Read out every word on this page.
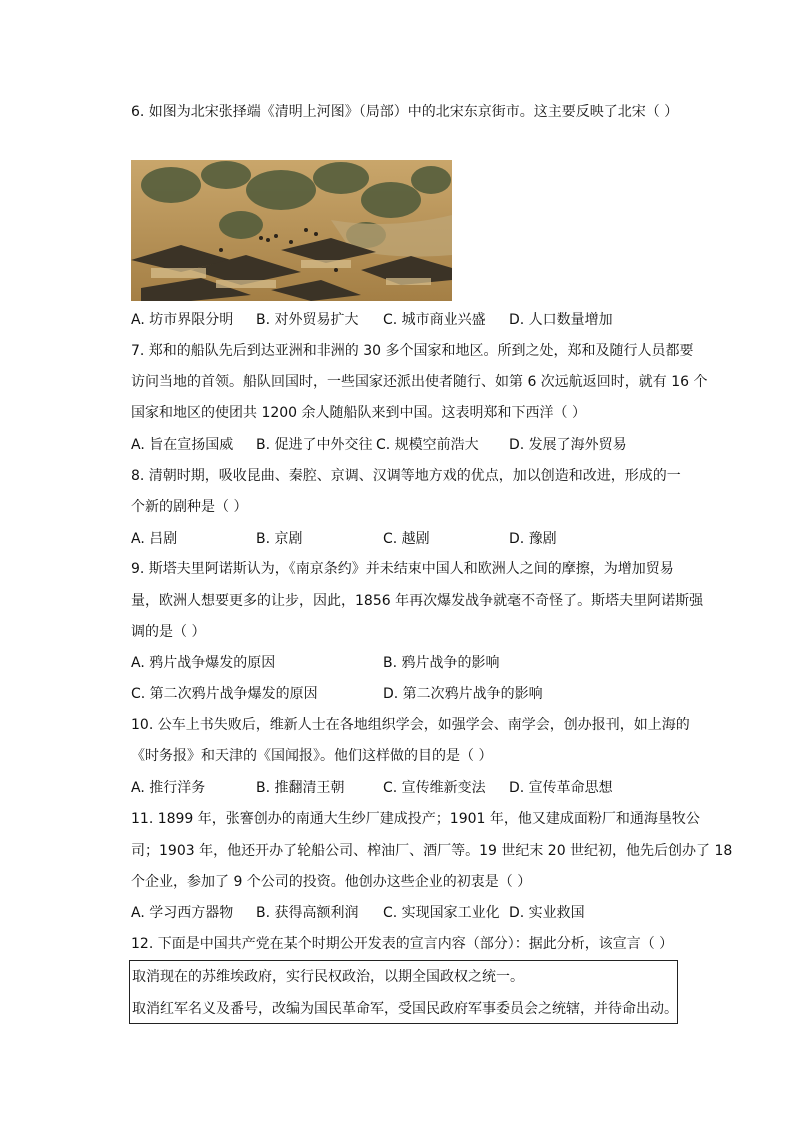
6. 如图为北宋张择端《清明上河图》（局部）中的北宋东京街市。这主要反映了北宋（ ）
A. 坊市界限分明 B. 对外贸易扩大 C. 城市商业兴盛 D. 人口数量增加
7. 郑和的船队先后到达亚洲和非洲的 30 多个国家和地区。所到之处，郑和及随行人员都要
访问当地的首领。船队回国时，一些国家还派出使者随行、如第 6 次远航返回时，就有 16 个
国家和地区的使团共 1200 余人随船队来到中国。这表明郑和下西洋（ ）
A. 旨在宣扬国威 B. 促进了中外交往 C. 规模空前浩大 D. 发展了海外贸易
8. 清朝时期，吸收昆曲、秦腔、京调、汉调等地方戏的优点，加以创造和改进，形成的一
个新的剧种是（ ）
A. 吕剧	B. 京剧	C. 越剧	D. 豫剧
9. 斯塔夫里阿诺斯认为，《南京条约》并未结束中国人和欧洲人之间的摩擦，为增加贸易
量，欧洲人想要更多的让步，因此，1856 年再次爆发战争就毫不奇怪了。斯塔夫里阿诺斯强
调的是（ ）
A. 鸦片战争爆发的原因	B. 鸦片战争的影响
C. 第二次鸦片战争爆发的原因	D. 第二次鸦片战争的影响
10. 公车上书失败后，维新人士在各地组织学会，如强学会、南学会，创办报刊，如上海的
《时务报》和天津的《国闻报》。他们这样做的目的是（ ）
A. 推行洋务	B. 推翻清王朝	C. 宣传维新变法 D. 宣传革命思想
11. 1899 年，张謇创办的南通大生纱厂建成投产；1901 年，他又建成面粉厂和通海垦牧公
司；1903 年，他还开办了轮船公司、榨油厂、酒厂等。19 世纪末 20 世纪初，他先后创办了 18
个企业，参加了 9 个公司的投资。他创办这些企业的初衷是（ ）
A. 学习西方器物 B. 获得高额利润 C. 实现国家工业化 D. 实业救国
12. 下面是中国共产党在某个时期公开发表的宣言内容（部分）：据此分析，该宣言（ ）
取消现在的苏维埃政府，实行民权政治，以期全国政权之统一。
取消红军名义及番号，改编为国民革命军，受国民政府军事委员会之统辖，并待命出动。
